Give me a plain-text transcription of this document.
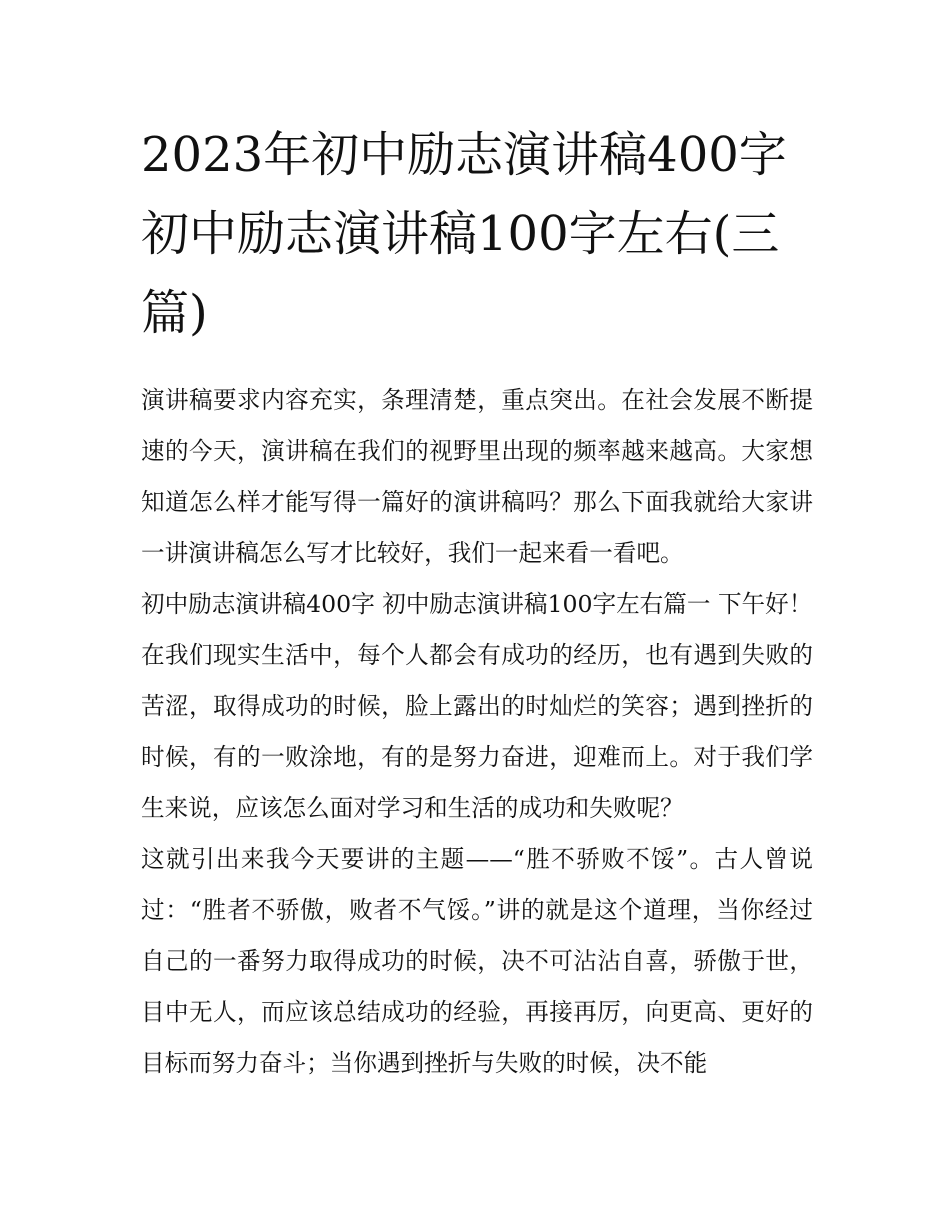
2023年初中励志演讲稿400字 初中励志演讲稿100字左右(三篇)

演讲稿要求内容充实，条理清楚，重点突出。在社会发展不断提速的今天，演讲稿在我们的视野里出现的频率越来越高。大家想知道怎么样才能写得一篇好的演讲稿吗？那么下面我就给大家讲一讲演讲稿怎么写才比较好，我们一起来看一看吧。

初中励志演讲稿400字 初中励志演讲稿100字左右篇一 下午好！

在我们现实生活中，每个人都会有成功的经历，也有遇到失败的苦涩，取得成功的时候，脸上露出的时灿烂的笑容；遇到挫折的时候，有的一败涂地，有的是努力奋进，迎难而上。对于我们学生来说，应该怎么面对学习和生活的成功和失败呢？

这就引出来我今天要讲的主题——“胜不骄败不馁”。古人曾说过：“胜者不骄傲，败者不气馁。”讲的就是这个道理，当你经过自己的一番努力取得成功的时候，决不可沾沾自喜，骄傲于世，目中无人，而应该总结成功的经验，再接再厉，向更高、更好的目标而努力奋斗；当你遇到挫折与失败的时候，决不能
